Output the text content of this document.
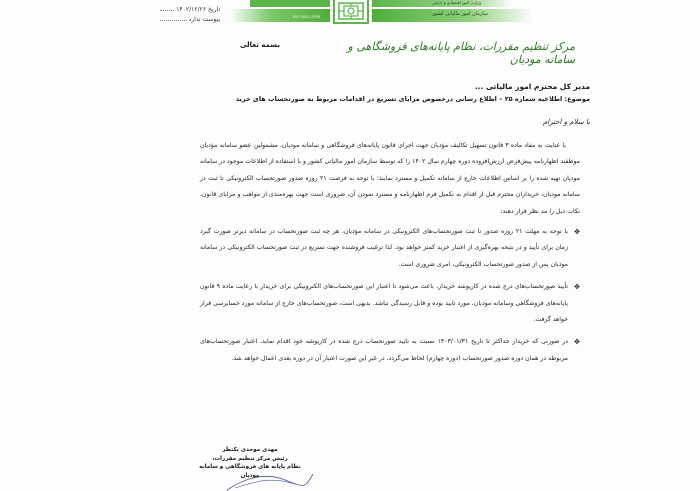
ISO 9001-2008
وزارت امور اقتصادی و دارایی
سازمان امور مالیاتی کشور
تاریخ
۱۴۰۲/۱۲/۲۶
پیوست ندارد
مرکز تنظیم مقررات، نظام پایانه‌های فروشگاهی و سامانه مودیان
بسمه تعالی
مدیر کل محترم امور مالیاتی ...
موضوع: اطلاعیه شماره ۲۵ – اطلاع رسانی درخصوص مزایای تسریع در اقدامات مربوط به صورتحساب های خرید
با سلام و احترام

با عنایت به مفاد ماده ۳ قانون تسهیل تکالیف مؤدیان جهت اجرای قانون پایانه‌های فروشگاهی و سامانه مودیان، مشمولین عضو سامانه مؤدیان موظفند اظهارنامه پیش‌فرض ارزش‌افزوده دوره چهارم سال ۱۴۰۲ را که توسط سازمان امور مالیاتی کشور و با استفاده از اطلاعات موجود در سامانه مودیان تهیه شده را بر اساس اطلاعات خارج از سامانه تکمیل و مسترد نمایند؛ با توجه به فرصت ۲۱ روزه صدور صورتحساب الکترونیکی تا ثبت در سامانه مودیان، خریداران محترم قبل از اقدام به تکمیل فرم اظهارنامه و مسترد نمودن آن، ضروری است جهت بهره‌مندی از مواهب و مزایای قانون، نکات ذیل را مد نظر قرار دهند:

✥
با توجه به مهلت ۲۱ روزه صدور تا ثبت صورتحساب‌های الکترونیکی در سامانه مؤدیان، هر چه ثبت صورتحساب در سامانه دیرتر صورت گیرد زمان برای تأیید و در نتیجه بهره‌گیری از اعتبار خرید کمتر خواهد بود. لذا ترغیب فروشنده جهت تسریع در ثبت صورتحساب الکترونیکی در سامانه مودیان پس از صدور صورتحساب الکترونیکی، امری ضروری است.
✥
تأیید صورتحساب‌های درج شده در کارپوشه خریدار، باعث می‌شود تا اعتبار این صورتحساب‌های الکترونیکی برای خریدار با رعایت ماده ۹ قانون پایانه‌های فروشگاهی وسامانه مودیان، مورد تایید بوده و قابل رسیدگی نباشد. بدیهی است، صورتحساب‌های خارج از سامانه مورد حسابرسی قرار خواهد گرفت.
✥
در صورتی که خریدار حداکثر تا تاریخ ۱۴۰۳/۰۱/۳۱ نسبت به تایید صورتحساب درج شده در کارپوشه خود اقدام نماید، اعتبار صورتحساب‌های مربوطه در همان دوره صدور صورتحساب (دوره چهارم) لحاظ می‌گردد، در غیر این صورت اعتبار آن در دوره بعدی اعمال خواهد شد.
مهدی موحدی بکنظر
رئیس مرکز تنظیم مقررات،
نظام پایانه های فروشگاهی و سامانه مودیان
